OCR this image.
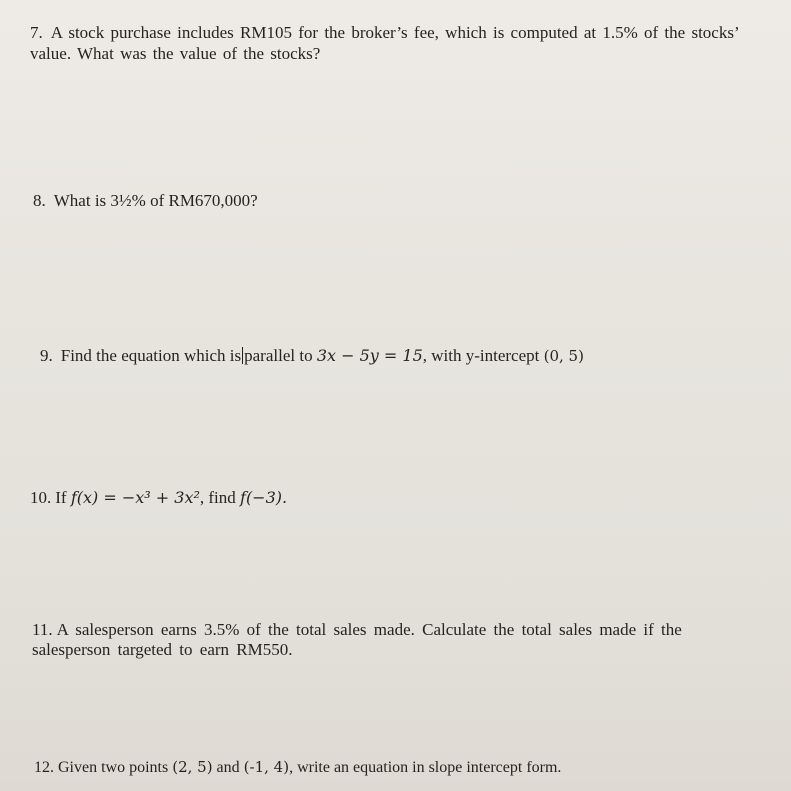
7. A stock purchase includes RM105 for the broker’s fee, which is computed at 1.5% of the stocks’ value. What was the value of the stocks?
8. What is 3½% of RM670,000?
9. Find the equation which is parallel to 3x − 5y = 15, with y-intercept (0, 5)
10. If f(x) = −x³ + 3x², find f(−3).
11. A salesperson earns 3.5% of the total sales made. Calculate the total sales made if the salesperson targeted to earn RM550.
12. Given two points (2, 5) and (-1, 4), write an equation in slope intercept form.
